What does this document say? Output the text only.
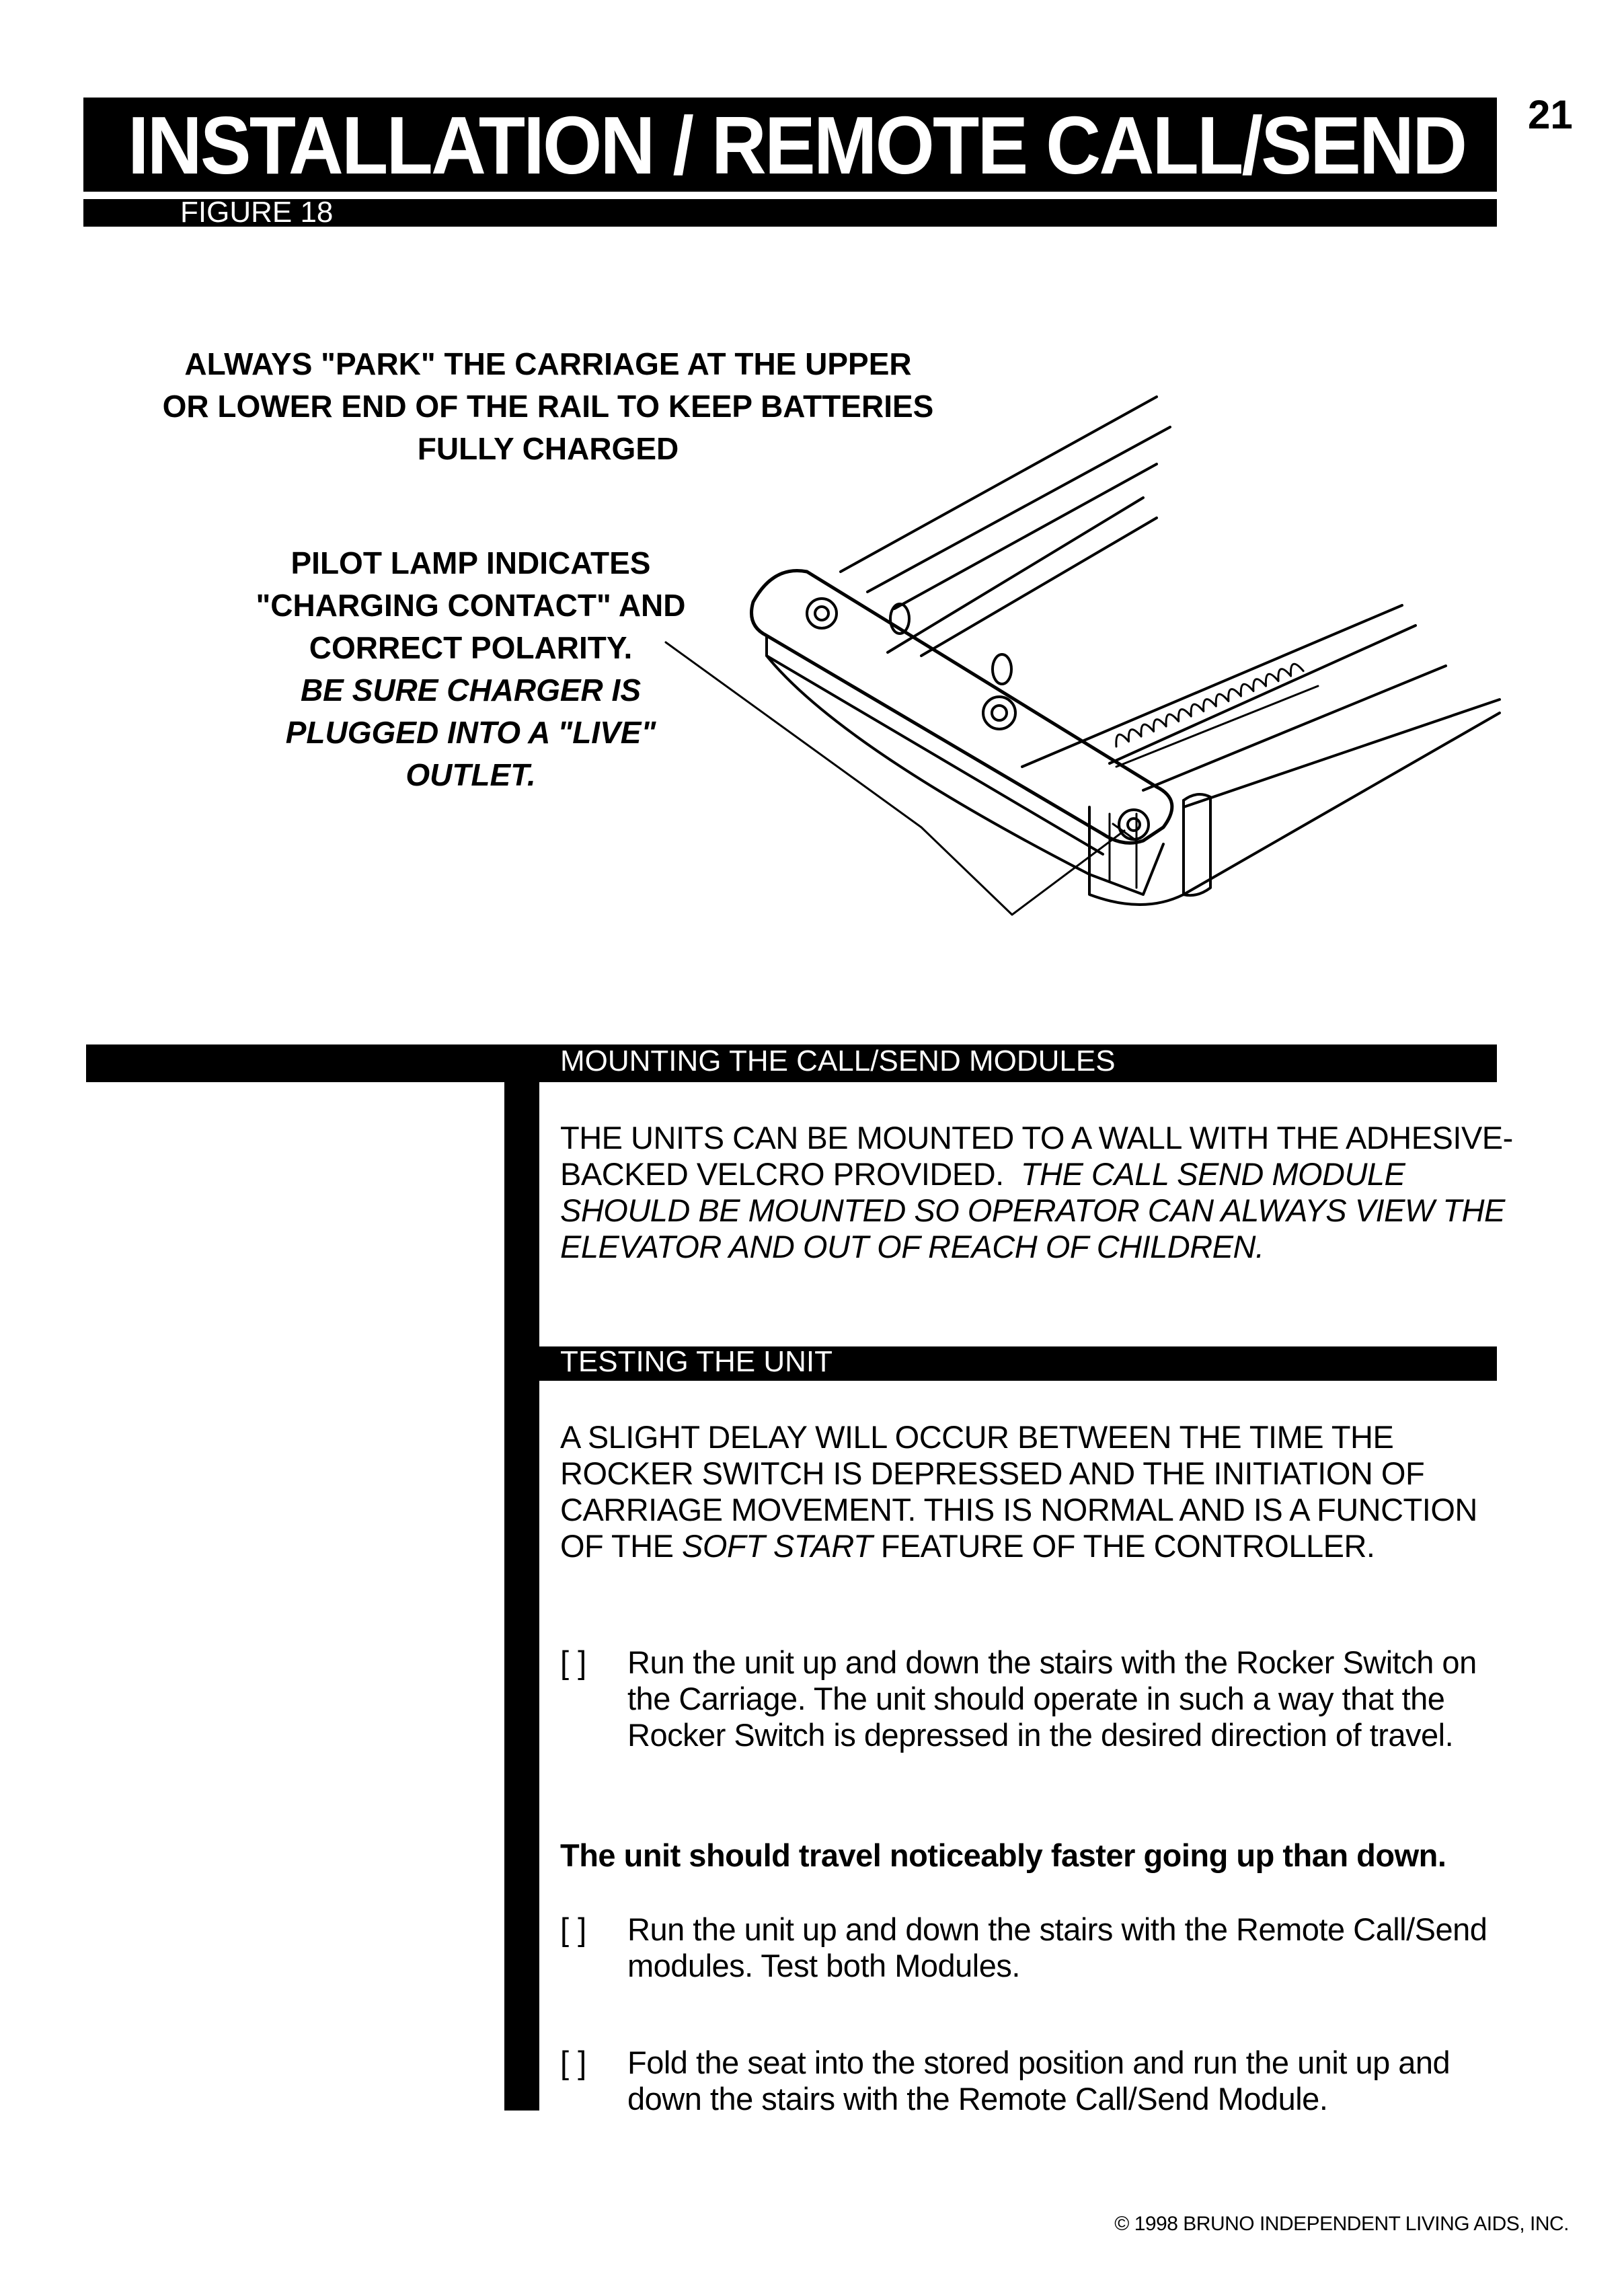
INSTALLATION / REMOTE CALL/SEND
FIGURE 18
21
ALWAYS "PARK" THE CARRIAGE AT THE UPPER
OR LOWER END OF THE RAIL TO KEEP BATTERIES
FULLY CHARGED
PILOT LAMP INDICATES
"CHARGING CONTACT" AND
CORRECT POLARITY.
BE SURE CHARGER IS
PLUGGED INTO A "LIVE"
OUTLET.
MOUNTING THE CALL/SEND MODULES
TESTING THE UNIT
THE UNITS CAN BE MOUNTED TO A WALL WITH THE ADHESIVE-BACKED VELCRO PROVIDED. THE CALL SEND MODULE SHOULD BE MOUNTED SO OPERATOR CAN ALWAYS VIEW THE ELEVATOR AND OUT OF REACH OF CHILDREN.
A SLIGHT DELAY WILL OCCUR BETWEEN THE TIME THE ROCKER SWITCH IS DEPRESSED AND THE INITIATION OF CARRIAGE MOVEMENT. THIS IS NORMAL AND IS A FUNCTION OF THE SOFT START FEATURE OF THE CONTROLLER.
[ ] Run the unit up and down the stairs with the Rocker Switch on the Carriage. The unit should operate in such a way that the Rocker Switch is depressed in the desired direction of travel.
The unit should travel noticeably faster going up than down.
[ ] Run the unit up and down the stairs with the Remote Call/Send modules. Test both Modules.
[ ] Fold the seat into the stored position and run the unit up and down the stairs with the Remote Call/Send Module.
© 1998 BRUNO INDEPENDENT LIVING AIDS, INC.
